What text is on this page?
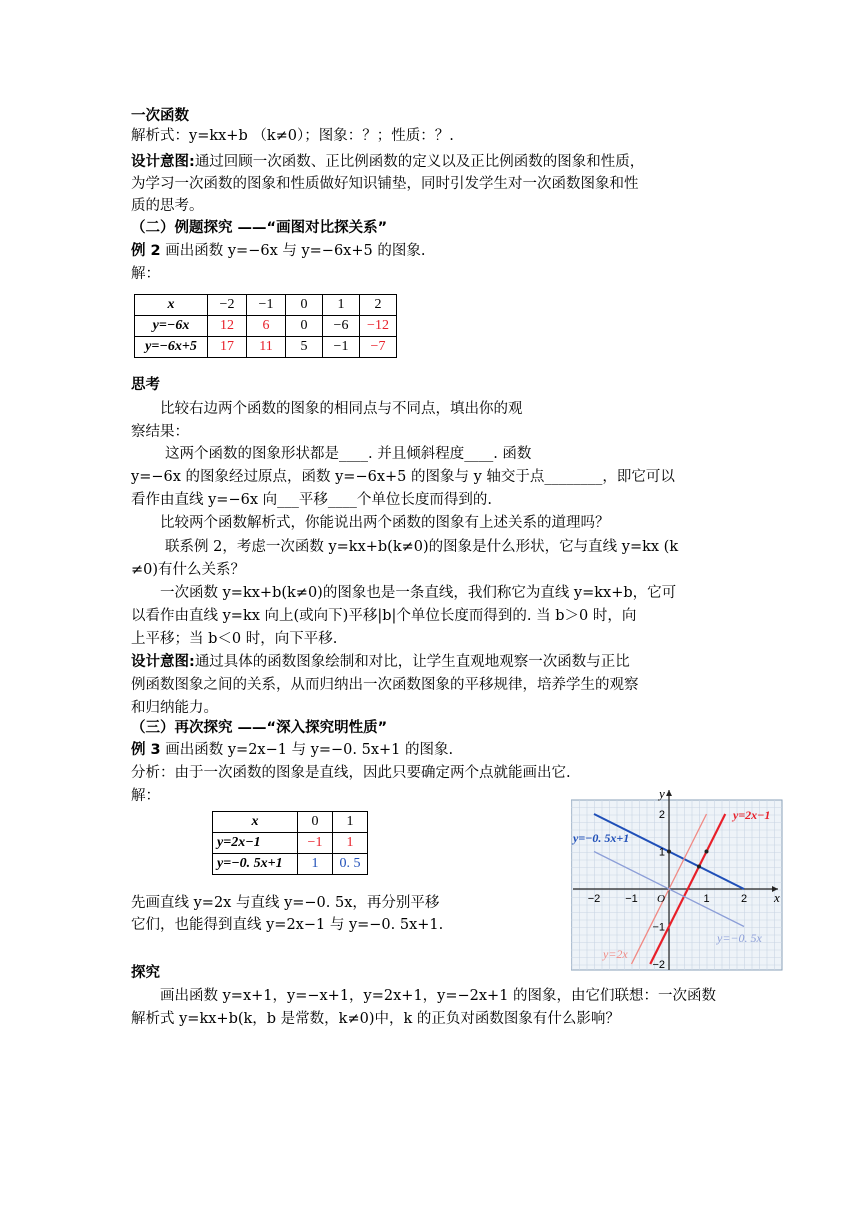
一次函数
解析式：y=kx+b （k≠0）；图象：？；性质：？.
设计意图:通过回顾一次函数、正比例函数的定义以及正比例函数的图象和性质，
为学习一次函数的图象和性质做好知识铺垫，同时引发学生对一次函数图象和性
质的思考。
（二）例题探究 ——“画图对比探关系”
例 2 画出函数 y=−6x 与 y=−6x+5 的图象.
解：
x	−2	−1	0	1	2
y=−6x	12	6	0	−6	−12
y=−6x+5	17	11	5	−1	−7
思考
比较右边两个函数的图象的相同点与不同点，填出你的观
察结果：
这两个函数的图象形状都是____. 并且倾斜程度____. 函数
y=−6x 的图象经过原点，函数 y=−6x+5 的图象与 y 轴交于点________，即它可以
看作由直线 y=−6x 向___平移____个单位长度而得到的.
比较两个函数解析式，你能说出两个函数的图象有上述关系的道理吗？
联系例 2，考虑一次函数 y=kx+b(k≠0)的图象是什么形状，它与直线 y=kx (k
≠0)有什么关系？
一次函数 y=kx+b(k≠0)的图象也是一条直线，我们称它为直线 y=kx+b，它可
以看作由直线 y=kx 向上(或向下)平移|b|个单位长度而得到的. 当 b＞0 时，向
上平移；当 b＜0 时，向下平移.
设计意图:通过具体的函数图象绘制和对比，让学生直观地观察一次函数与正比
例函数图象之间的关系，从而归纳出一次函数图象的平移规律，培养学生的观察
和归纳能力。
（三）再次探究 ——“深入探究明性质”
例 3 画出函数 y=2x−1 与 y=−0. 5x+1 的图象.
分析：由于一次函数的图象是直线，因此只要确定两个点就能画出它.
解：
x	0	1
y=2x−1	−1	1
y=−0. 5x+1	1	0. 5
先画直线 y=2x 与直线 y=−0. 5x，再分别平移
它们，也能得到直线 y=2x−1 与 y=−0. 5x+1.
探究
画出函数 y=x+1，y=−x+1，y=2x+1，y=−2x+1 的图象，由它们联想：一次函数
解析式 y=kx+b(k，b 是常数，k≠0)中，k 的正负对函数图象有什么影响？
−2 −1	1	2
2
1
−1
−2
O	x
y
y=2x−1
y=−0. 5x+1
y=2x
y=−0. 5x
